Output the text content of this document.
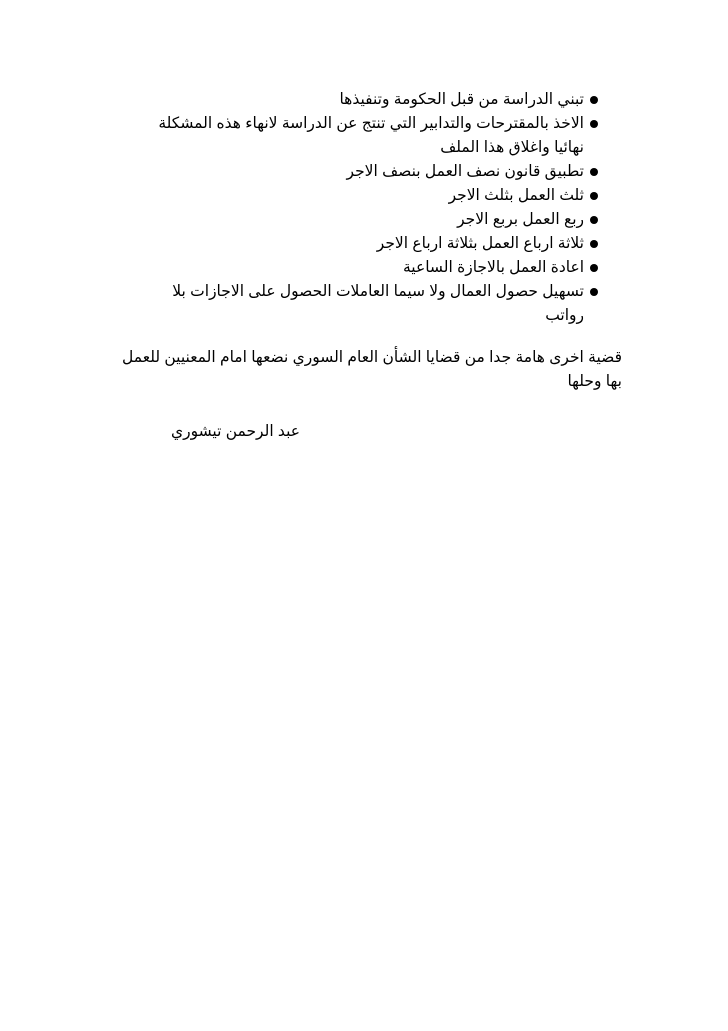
تبني الدراسة من قبل الحكومة وتنفيذها
الاخذ بالمقترحات والتدابير التي تنتج عن الدراسة لانهاء هذه المشكلة نهائيا واغلاق هذا الملف
تطبيق قانون نصف العمل بنصف الاجر
ثلث العمل بثلث الاجر
ربع العمل بربع الاجر
ثلاثة ارباع العمل بثلاثة ارباع الاجر
اعادة العمل بالاجازة الساعية
تسهيل حصول العمال ولا سيما العاملات الحصول على الاجازات بلا رواتب

قضية اخرى هامة جدا من قضايا الشأن العام السوري نضعها امام المعنيين للعمل بها وحلها

عبد الرحمن تيشوري
